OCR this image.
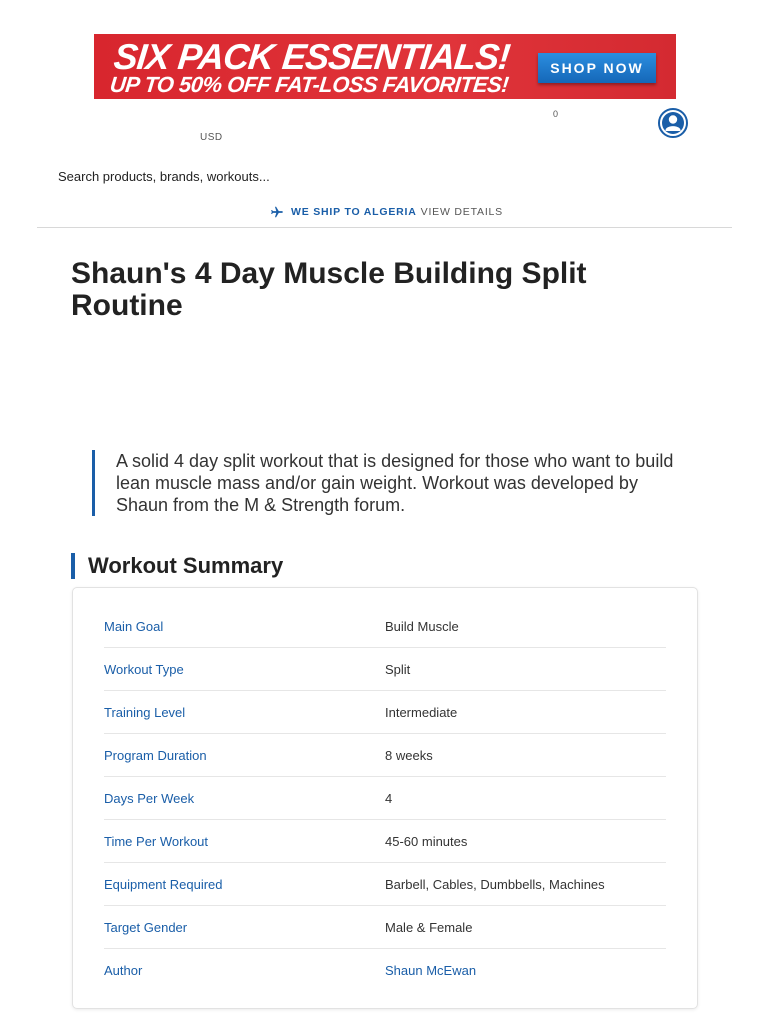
SIX PACK ESSENTIALS!
UP TO 50% OFF FAT-LOSS FAVORITES!
SHOP NOW
0
USD
Search products, brands, workouts...
WE SHIP TO ALGERIA VIEW DETAILS
Shaun's 4 Day Muscle Building Split Routine
A solid 4 day split workout that is designed for those who want to build lean muscle mass and/or gain weight. Workout was developed by Shaun from the M & Strength forum.
Workout Summary
Main Goal	Build Muscle
Workout Type	Split
Training Level	Intermediate
Program Duration	8 weeks
Days Per Week	4
Time Per Workout	45-60 minutes
Equipment Required	Barbell, Cables, Dumbbells, Machines
Target Gender	Male & Female
Author	Shaun McEwan
